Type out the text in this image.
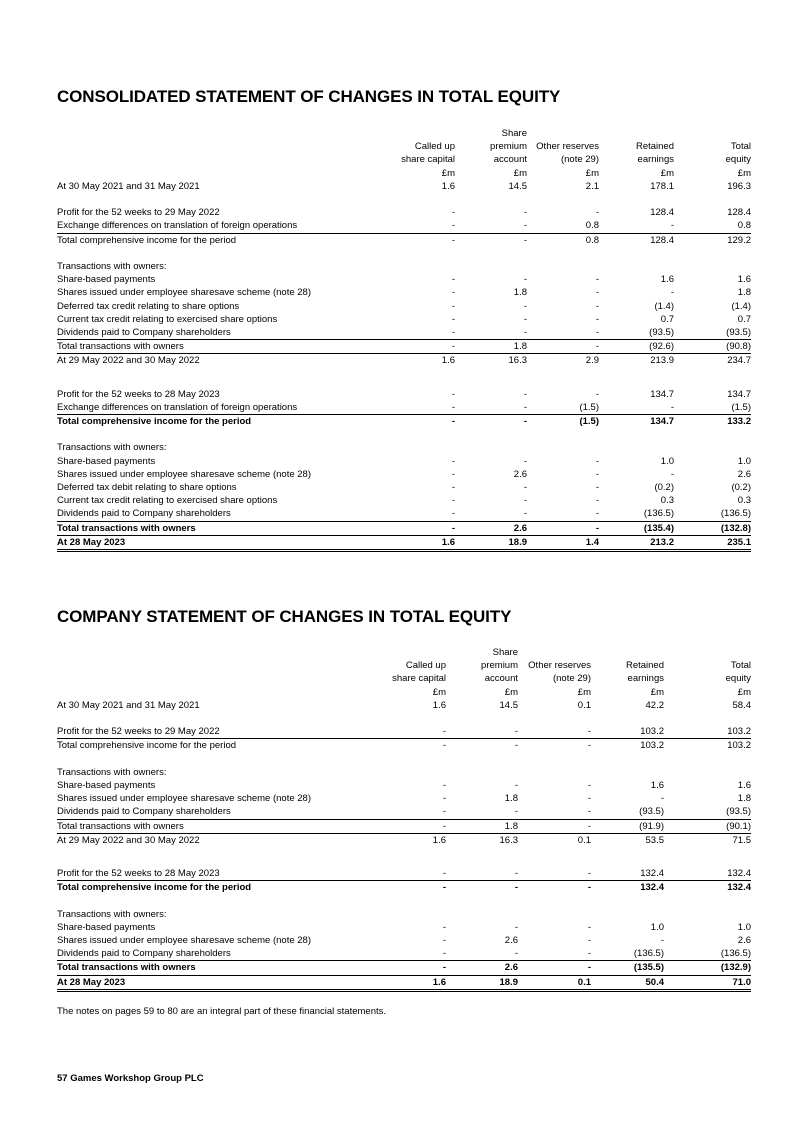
CONSOLIDATED STATEMENT OF CHANGES IN TOTAL EQUITY
		Share			
	Called up	premium	Other reserves	Retained	Total
	share capital	account	(note 29)	earnings	equity
	£m	£m	£m	£m	£m
At 30 May 2021 and 31 May 2021	1.6	14.5	2.1	178.1	196.3

Profit for the 52 weeks to 29 May 2022	-	-	-	128.4	128.4
Exchange differences on translation of foreign operations	-	-	0.8	-	0.8
Total comprehensive income for the period	-	-	0.8	128.4	129.2

Transactions with owners:					
Share-based payments	-	-	-	1.6	1.6
Shares issued under employee sharesave scheme (note 28)	-	1.8	-	-	1.8
Deferred tax credit relating to share options	-	-	-	(1.4)	(1.4)
Current tax credit relating to exercised share options	-	-	-	0.7	0.7
Dividends paid to Company shareholders	-	-	-	(93.5)	(93.5)
Total transactions with owners	-	1.8	-	(92.6)	(90.8)
At 29 May 2022 and 30 May 2022	1.6	16.3	2.9	213.9	234.7

Profit for the 52 weeks to 28 May 2023	-	-	-	134.7	134.7
Exchange differences on translation of foreign operations	-	-	(1.5)	-	(1.5)
Total comprehensive income for the period	-	-	(1.5)	134.7	133.2

Transactions with owners:					
Share-based payments	-	-	-	1.0	1.0
Shares issued under employee sharesave scheme (note 28)	-	2.6	-	-	2.6
Deferred tax debit relating to share options	-	-	-	(0.2)	(0.2)
Current tax credit relating to exercised share options	-	-	-	0.3	0.3
Dividends paid to Company shareholders	-	-	-	(136.5)	(136.5)
Total transactions with owners	-	2.6	-	(135.4)	(132.8)
At 28 May 2023	1.6	18.9	1.4	213.2	235.1
COMPANY STATEMENT OF CHANGES IN TOTAL EQUITY
		Share			
	Called up	premium	Other reserves	Retained	Total
	share capital	account	(note 29)	earnings	equity
	£m	£m	£m	£m	£m
At 30 May 2021 and 31 May 2021	1.6	14.5	0.1	42.2	58.4

Profit for the 52 weeks to 29 May 2022	-	-	-	103.2	103.2
Total comprehensive income for the period	-	-	-	103.2	103.2

Transactions with owners:					
Share-based payments	-	-	-	1.6	1.6
Shares issued under employee sharesave scheme (note 28)	-	1.8	-	-	1.8
Dividends paid to Company shareholders	-	-	-	(93.5)	(93.5)
Total transactions with owners	-	1.8	-	(91.9)	(90.1)
At 29 May 2022 and 30 May 2022	1.6	16.3	0.1	53.5	71.5

Profit for the 52 weeks to 28 May 2023	-	-	-	132.4	132.4
Total comprehensive income for the period	-	-	-	132.4	132.4

Transactions with owners:					
Share-based payments	-	-	-	1.0	1.0
Shares issued under employee sharesave scheme (note 28)	-	2.6	-	-	2.6
Dividends paid to Company shareholders	-	-	-	(136.5)	(136.5)
Total transactions with owners	-	2.6	-	(135.5)	(132.9)
At 28 May 2023	1.6	18.9	0.1	50.4	71.0
The notes on pages 59 to 80 are an integral part of these financial statements.
57 Games Workshop Group PLC
